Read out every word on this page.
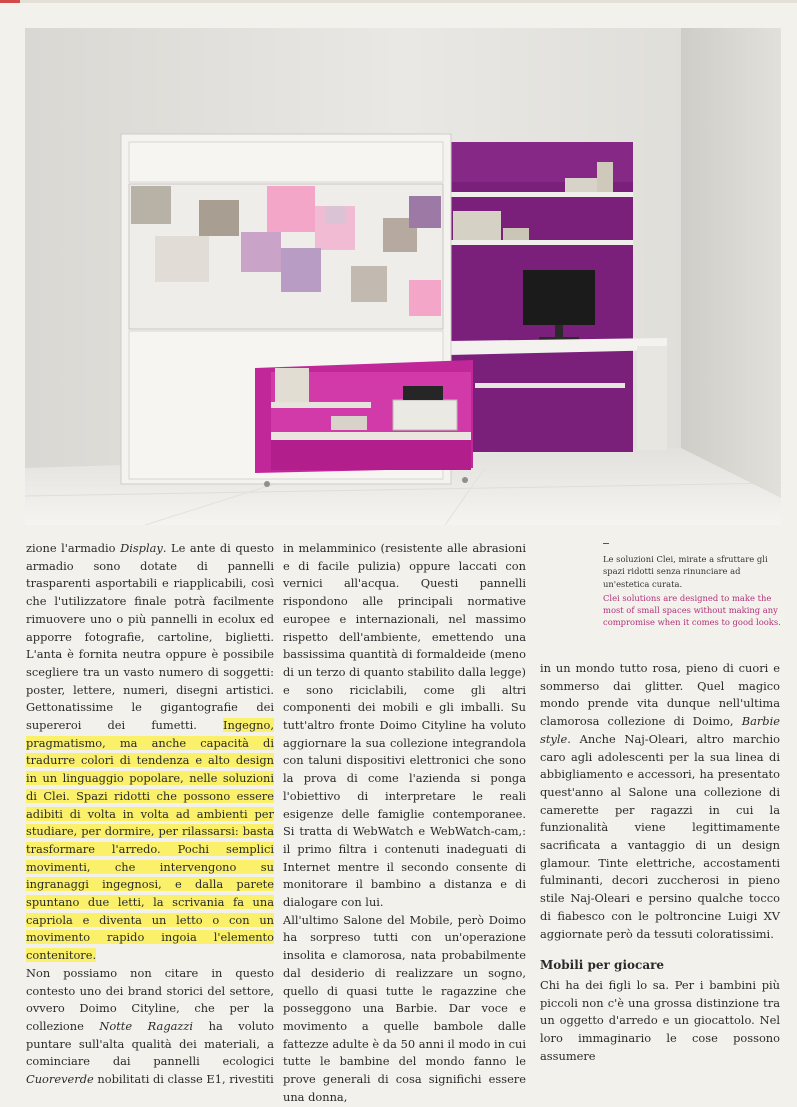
Le soluzioni Clei, mirate a sfruttare gli spazi ridotti senza rinunciare ad un'estetica curata.
Clei solutions are designed to make the most of small spaces without making any compromise when it comes to good looks.

zione l'armadio Display. Le ante di questo armadio sono dotate di pannelli trasparenti asportabili e riapplicabili, così che l'utilizzatore finale potrà facilmente rimuovere uno o più pannelli in ecolux ed apporre fotografie, cartoline, biglietti. L'anta è fornita neutra oppure è possibile scegliere tra un vasto numero di soggetti: poster, lettere, numeri, disegni artistici. Gettonatissime le gigantografie dei supereroi dei fumetti. Ingegno, pragmatismo, ma anche capacità di tradurre colori di tendenza e alto design in un linguaggio popolare, nelle soluzioni di Clei. Spazi ridotti che possono essere adibiti di volta in volta ad ambienti per studiare, per dormire, per rilassarsi: basta trasformare l'arredo. Pochi semplici movimenti, che intervengono su ingranaggi ingegnosi, e dalla parete spuntano due letti, la scrivania fa una capriola e diventa un letto o con un movimento rapido ingoia l'elemento contenitore.

Non possiamo non citare in questo contesto uno dei brand storici del settore, ovvero Doimo Cityline, che per la collezione Notte Ragazzi ha voluto puntare sull'alta qualità dei materiali, a cominciare dai pannelli ecologici Cuoreverde nobilitati di classe E1, rivestiti

in melamminico (resistente alle abrasioni e di facile pulizia) oppure laccati con vernici all'acqua. Questi pannelli rispondono alle principali normative europee e internazionali, nel massimo rispetto dell'ambiente, emettendo una bassissima quantità di formaldeide (meno di un terzo di quanto stabilito dalla legge) e sono riciclabili, come gli altri componenti dei mobili e gli imballi. Su tutt'altro fronte Doimo Cityline ha voluto aggiornare la sua collezione integrandola con taluni dispositivi elettronici che sono la prova di come l'azienda si ponga l'obiettivo di interpretare le reali esigenze delle famiglie contemporanee. Si tratta di WebWatch e WebWatch-cam,: il primo filtra i contenuti inadeguati di Internet mentre il secondo consente di monitorare il bambino a distanza e di dialogare con lui.

All'ultimo Salone del Mobile, però Doimo ha sorpreso tutti con un'operazione insolita e clamorosa, nata probabilmente dal desiderio di realizzare un sogno, quello di quasi tutte le ragazzine che posseggono una Barbie. Dar voce e movimento a quelle bambole dalle fattezze adulte è da 50 anni il modo in cui tutte le bambine del mondo fanno le prove generali di cosa significhi essere una donna,

in un mondo tutto rosa, pieno di cuori e sommerso dai glitter. Quel magico mondo prende vita dunque nell'ultima clamorosa collezione di Doimo, Barbie style. Anche Naj-Oleari, altro marchio caro agli adolescenti per la sua linea di abbigliamento e accessori, ha presentato quest'anno al Salone una collezione di camerette per ragazzi in cui la funzionalità viene legittimamente sacrificata a vantaggio di un design glamour. Tinte elettriche, accostamenti fulminanti, decori zuccherosi in pieno stile Naj-Oleari e persino qualche tocco di fiabesco con le poltroncine Luigi XV aggiornate però da tessuti coloratissimi.

Mobili per giocare

Chi ha dei figli lo sa. Per i bambini più piccoli non c'è una grossa distinzione tra un oggetto d'arredo e un giocattolo. Nel loro immaginario le cose possono assumere
